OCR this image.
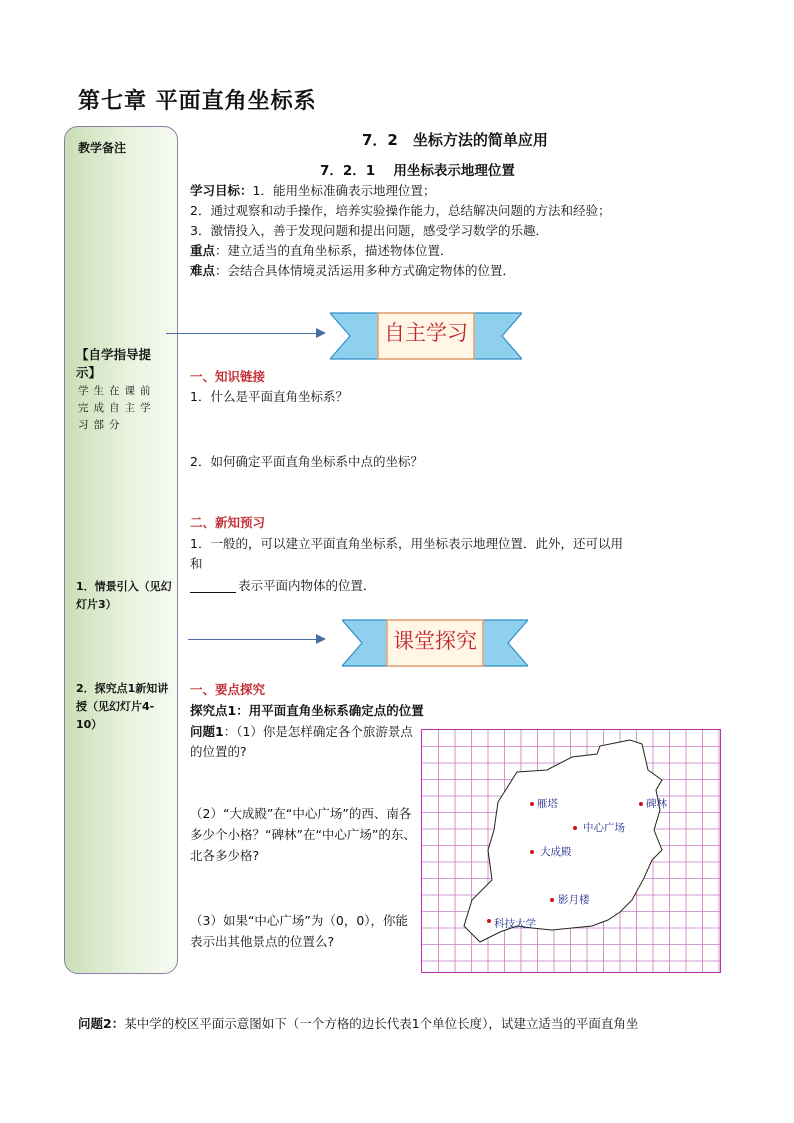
第七章 平面直角坐标系
教学备注
【自学指导提示】
学生在课前完成自主学习部分
1．情景引入（见幻灯片3）
2．探究点1新知讲授（见幻灯片4-10）
7．2　坐标方法的简单应用
7．2．1　 用坐标表示地理位置
学习目标：1．能用坐标准确表示地理位置；
2．通过观察和动手操作，培养实验操作能力，总结解决问题的方法和经验；
3．激情投入，善于发现问题和提出问题，感受学习数学的乐趣．
重点：建立适当的直角坐标系，描述物体位置．
难点：会结合具体情境灵活运用多种方式确定物体的位置．
自主学习
一、知识链接
1．什么是平面直角坐标系？
2．如何确定平面直角坐标系中点的坐标？
二、新知预习
1．一般的，可以建立平面直角坐标系，用坐标表示地理位置．此外，还可以用
和
表示平面内物体的位置．
课堂探究
一、要点探究
探究点1：用平面直角坐标系确定点的位置
问题1：（1）你是怎样确定各个旅游景点的位置的?
（2）“大成殿”在“中心广场”的西、南各多少个小格？“碑林”在“中心广场”的东、北各多少格?
（3）如果“中心广场”为（0，0），你能表示出其他景点的位置么?
雁塔	碑林
中心广场
大成殿
影月楼
科技大学
问题2：某中学的校区平面示意图如下（一个方格的边长代表1个单位长度），试建立适当的平面直角坐
